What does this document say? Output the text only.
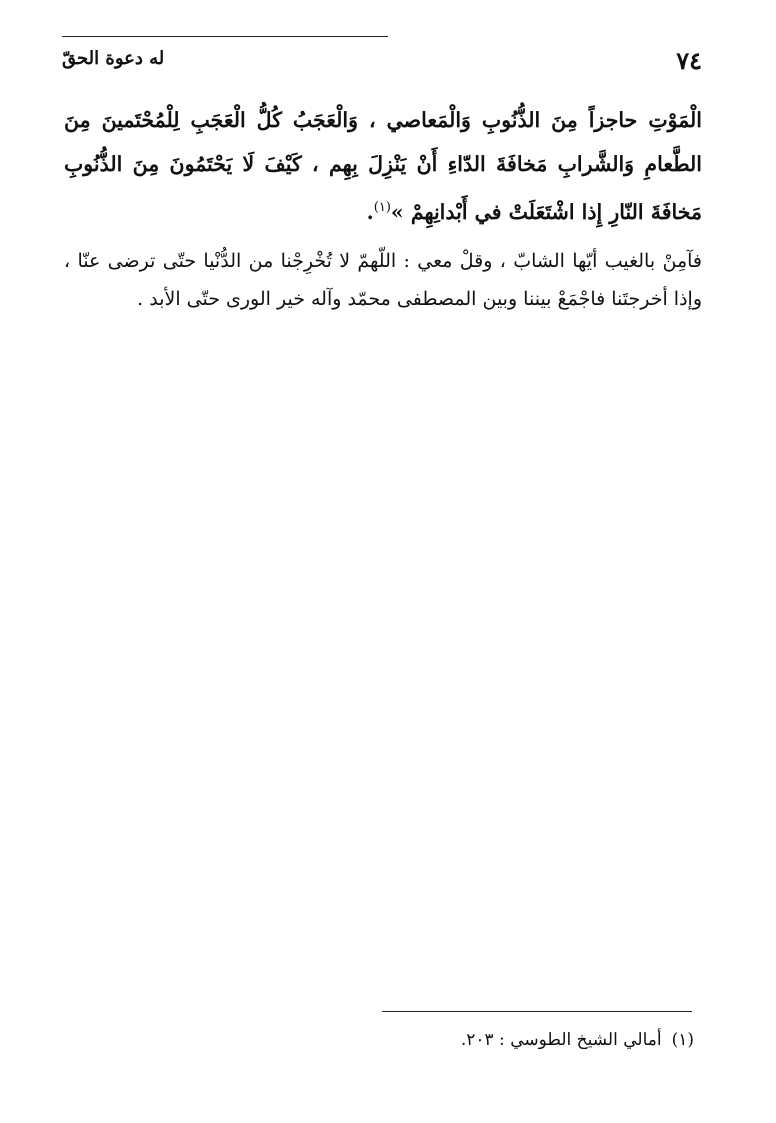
٧٤
له دعوة الحقّ

الْمَوْتِ حاجزاً مِنَ الذُّنُوبِ وَالْمَعاصي ، وَالْعَجَبُ كُلُّ الْعَجَبِ لِلْمُحْتَمينَ مِنَ الطَّعامِ وَالشَّرابِ مَخافَةَ الدّاءِ أَنْ يَنْزِلَ بِهِم ، كَيْفَ لَا يَحْتَمُونَ مِنَ الذُّنُوبِ مَخافَةَ النّارِ إِذا اشْتَعَلَتْ في أَبْدانِهِمْ »$^{(١)}$.

فآمِنْ بالغيب أيّها الشابّ ، وقلْ معي : اللّهمّ لا تُخْرِجْنا من الدُّنْيا حتّى ترضى عنّا ، وإذا أخرجتَنا فاجْمَعْ بيننا وبين المصطفى محمّد وآله خير الورى حتّى الأبد .

(١)أمالي الشيخ الطوسي : ٢٠٣.
